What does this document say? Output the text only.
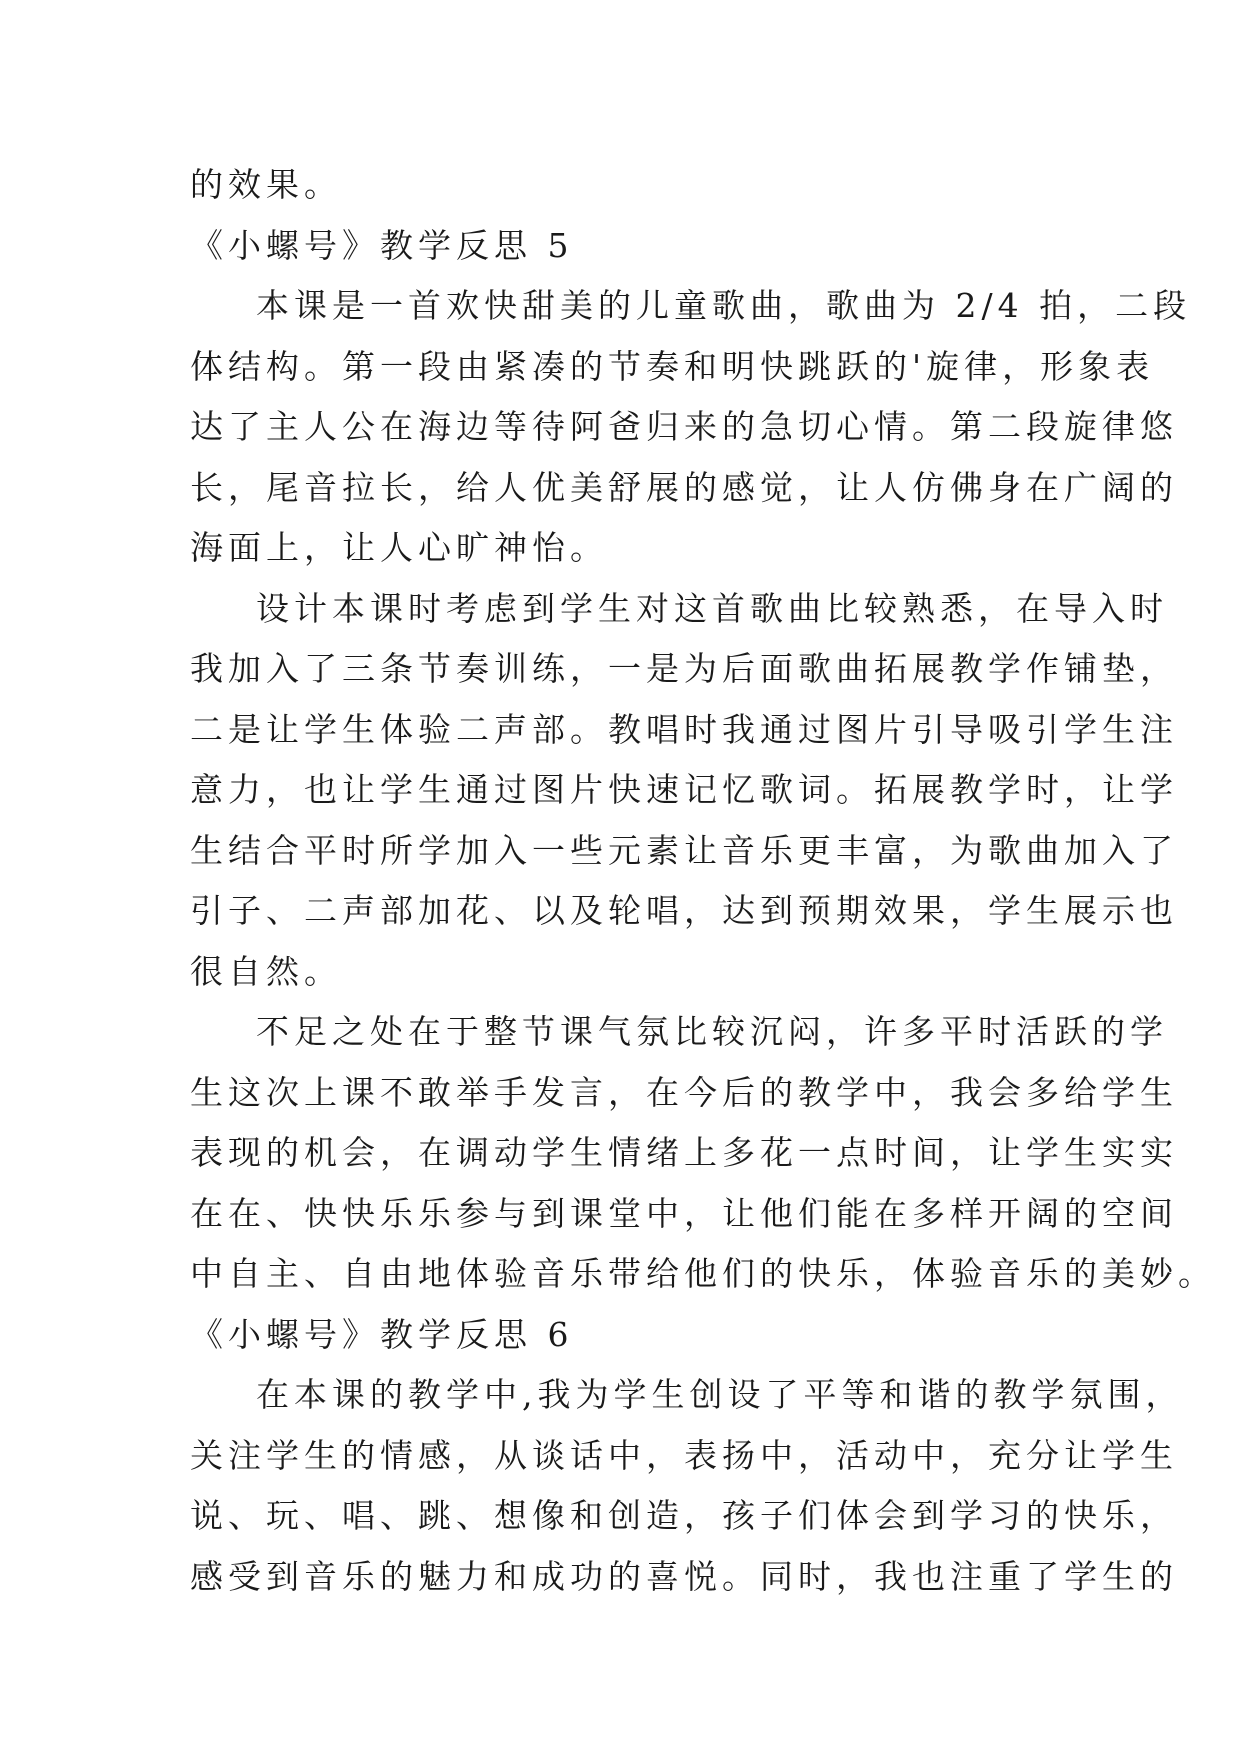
的效果。
《小螺号》教学反思 5
本课是一首欢快甜美的儿童歌曲，歌曲为 2/4 拍，二段
体结构。第一段由紧凑的节奏和明快跳跃的'旋律，形象表
达了主人公在海边等待阿爸归来的急切心情。第二段旋律悠
长，尾音拉长，给人优美舒展的感觉，让人仿佛身在广阔的
海面上，让人心旷神怡。
设计本课时考虑到学生对这首歌曲比较熟悉，在导入时
我加入了三条节奏训练，一是为后面歌曲拓展教学作铺垫，
二是让学生体验二声部。教唱时我通过图片引导吸引学生注
意力，也让学生通过图片快速记忆歌词。拓展教学时，让学
生结合平时所学加入一些元素让音乐更丰富，为歌曲加入了
引子、二声部加花、以及轮唱，达到预期效果，学生展示也
很自然。
不足之处在于整节课气氛比较沉闷，许多平时活跃的学
生这次上课不敢举手发言，在今后的教学中，我会多给学生
表现的机会，在调动学生情绪上多花一点时间，让学生实实
在在、快快乐乐参与到课堂中，让他们能在多样开阔的空间
中自主、自由地体验音乐带给他们的快乐，体验音乐的美妙。
《小螺号》教学反思 6
在本课的教学中,我为学生创设了平等和谐的教学氛围，
关注学生的情感，从谈话中，表扬中，活动中，充分让学生
说、玩、唱、跳、想像和创造，孩子们体会到学习的快乐，
感受到音乐的魅力和成功的喜悦。同时，我也注重了学生的
